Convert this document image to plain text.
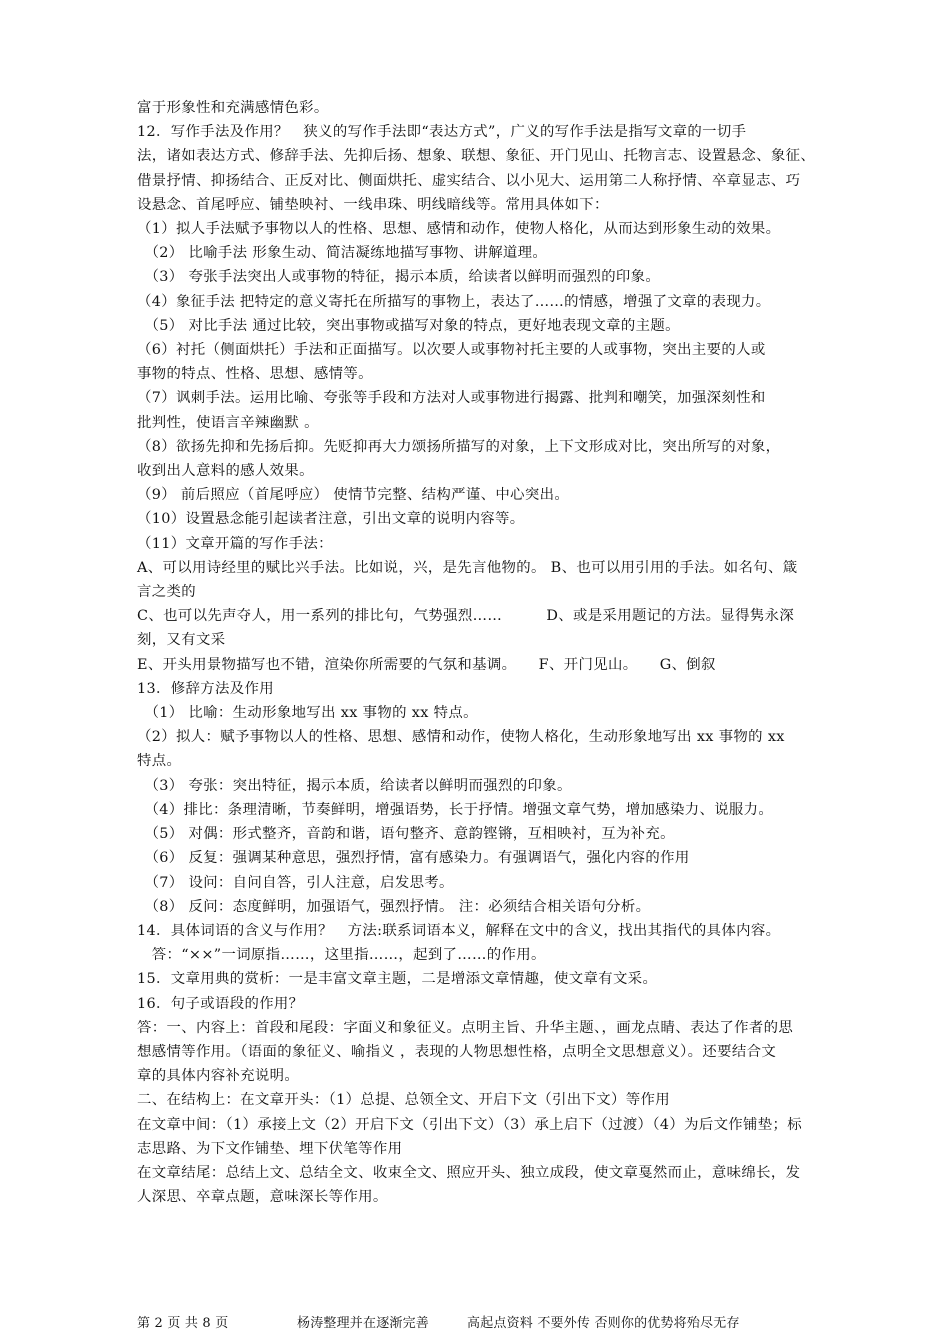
富于形象性和充满感情色彩。
12．写作手法及作用？　狭义的写作手法即“表达方式”，广义的写作手法是指写文章的一切手
法，诸如表达方式、修辞手法、先抑后扬、想象、联想、象征、开门见山、托物言志、设置悬念、象征、
借景抒情、抑扬结合、正反对比、侧面烘托、虚实结合、以小见大、运用第二人称抒情、卒章显志、巧
设悬念、首尾呼应、铺垫映衬、一线串珠、明线暗线等。常用具体如下：
（1）拟人手法赋予事物以人的性格、思想、感情和动作，使物人格化，从而达到形象生动的效果。
　（2） 比喻手法 形象生动、简洁凝练地描写事物、讲解道理。
　（3） 夸张手法突出人或事物的特征，揭示本质，给读者以鲜明而强烈的印象。
（4）象征手法 把特定的意义寄托在所描写的事物上，表达了……的情感，增强了文章的表现力。
　（5） 对比手法 通过比较，突出事物或描写对象的特点，更好地表现文章的主题。
（6）衬托（侧面烘托）手法和正面描写。以次要人或事物衬托主要的人或事物，突出主要的人或
事物的特点、性格、思想、感情等。
（7）讽刺手法。运用比喻、夸张等手段和方法对人或事物进行揭露、批判和嘲笑，加强深刻性和
批判性，使语言辛辣幽默 。
（8）欲扬先抑和先扬后抑。先贬抑再大力颂扬所描写的对象，上下文形成对比，突出所写的对象，
收到出人意料的感人效果。
（9） 前后照应（首尾呼应） 使情节完整、结构严谨、中心突出。
（10）设置悬念能引起读者注意，引出文章的说明内容等。
（11）文章开篇的写作手法：
A、可以用诗经里的赋比兴手法。比如说，兴，是先言他物的。 B、也可以用引用的手法。如名句、箴
言之类的
C、也可以先声夺人，用一系列的排比句，气势强烈……　　　D、或是采用题记的方法。显得隽永深
刻，又有文采
E、开头用景物描写也不错，渲染你所需要的气氛和基调。　　F、开门见山。　　G、倒叙
13．修辞方法及作用
　（1） 比喻：生动形象地写出 xx 事物的 xx 特点。
（2）拟人：赋予事物以人的性格、思想、感情和动作，使物人格化，生动形象地写出 xx 事物的 xx
特点。
　（3） 夸张：突出特征，揭示本质，给读者以鲜明而强烈的印象。
　（4）排比：条理清晰，节奏鲜明，增强语势，长于抒情。增强文章气势，增加感染力、说服力。
　（5） 对偶：形式整齐，音韵和谐，语句整齐、意韵铿锵，互相映衬，互为补充。
　（6） 反复：强调某种意思，强烈抒情，富有感染力。有强调语气，强化内容的作用
　（7） 设问：自问自答，引人注意，启发思考。
　（8） 反问：态度鲜明，加强语气，强烈抒情。 注：必须结合相关语句分析。
14．具体词语的含义与作用？　方法:联系词语本义，解释在文中的含义，找出其指代的具体内容。
　答：“××”一词原指……，这里指……，起到了……的作用。
15．文章用典的赏析：一是丰富文章主题，二是增添文章情趣，使文章有文采。
16．句子或语段的作用？
答：一、内容上：首段和尾段：字面义和象征义。点明主旨、升华主题、，画龙点睛、表达了作者的思
想感情等作用。（语面的象征义、喻指义 ，表现的人物思想性格，点明全文思想意义）。还要结合文
章的具体内容补充说明。
二、在结构上：在文章开头：（1）总提、总领全文、开启下文（引出下文）等作用
在文章中间：（1）承接上文（2）开启下文（引出下文）（3）承上启下（过渡）（4）为后文作铺垫；标
志思路、为下文作铺垫、埋下伏笔等作用
在文章结尾：总结上文、总结全文、收束全文、照应开头、独立成段，使文章戛然而止，意味绵长，发
人深思、卒章点题，意味深长等作用。
第 2 页 共 8 页	杨涛整理并在逐渐完善	高起点资料 不要外传 否则你的优势将殆尽无存
